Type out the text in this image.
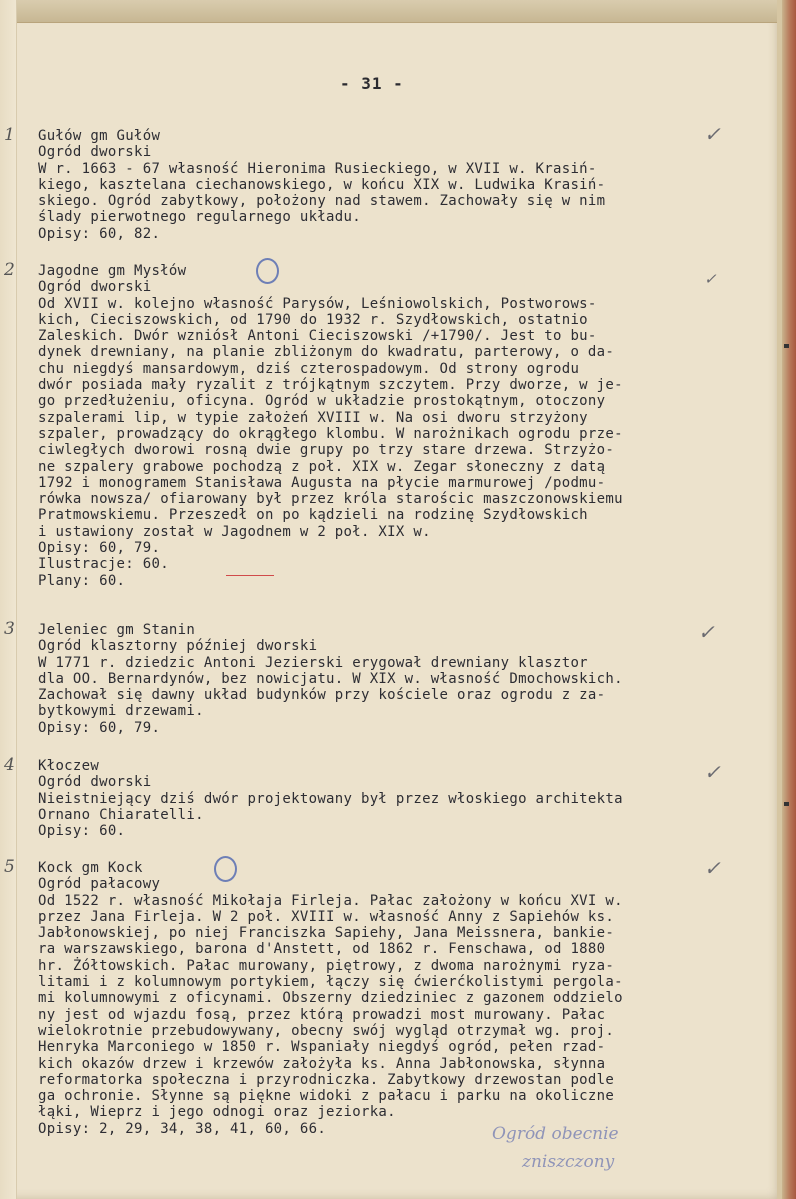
- 31 -
1 Gułów gm Gułów
Ogród dworski
W r. 1663 - 67 własność Hieronima Rusieckiego, w XVII w. Krasiń-
kiego, kasztelana ciechanowskiego, w końcu XIX w. Ludwika Krasiń-
skiego. Ogród zabytkowy, położony nad stawem. Zachowały się w nim
ślady pierwotnego regularnego układu.
Opisy: 60, 82.
2 Jagodne gm Mysłów
Ogród dworski
Od XVII w. kolejno własność Parysów, Leśniowolskich, Postworows-
kich, Cieciszowskich, od 1790 do 1932 r. Szydłowskich, ostatnio
Zaleskich. Dwór wzniósł Antoni Cieciszowski /+1790/. Jest to bu-
dynek drewniany, na planie zbliżonym do kwadratu, parterowy, o da-
chu niegdyś mansardowym, dziś czterospadowym. Od strony ogrodu
dwór posiada mały ryzalit z trójkątnym szczytem. Przy dworze, w je-
go przedłużeniu, oficyna. Ogród w układzie prostokątnym, otoczony
szpalerami lip, w typie założeń XVIII w. Na osi dworu strzyżony
szpaler, prowadzący do okrągłego klombu. W narożnikach ogrodu prze-
ciwległych dworowi rosną dwie grupy po trzy stare drzewa. Strzyżo-
ne szpalery grabowe pochodzą z poł. XIX w. Zegar słoneczny z datą
1792 i monogramem Stanisława Augusta na płycie marmurowej /podmu-
rówka nowsza/ ofiarowany był przez króla starościc maszczonowskiemu
Pratmowskiemu. Przeszedł on po kądzieli na rodzinę Szydłowskich
i ustawiony został w Jagodnem w 2 poł. XIX w.
Opisy: 60, 79.
Ilustracje: 60.
Plany: 60.
3 Jeleniec gm Stanin
Ogród klasztorny później dworski
W 1771 r. dziedzic Antoni Jezierski erygował drewniany klasztor
dla OO. Bernardynów, bez nowicjatu. W XIX w. własność Dmochowskich.
Zachował się dawny układ budynków przy kościele oraz ogrodu z za-
bytkowymi drzewami.
Opisy: 60, 79.
4 Kłoczew
Ogród dworski
Nieistniejący dziś dwór projektowany był przez włoskiego architekta
Ornano Chiaratelli.
Opisy: 60.
5 Kock gm Kock
Ogród pałacowy
Od 1522 r. własność Mikołaja Firleja. Pałac założony w końcu XVI w.
przez Jana Firleja. W 2 poł. XVIII w. własność Anny z Sapiehów ks.
Jabłonowskiej, po niej Franciszka Sapiehy, Jana Meissnera, bankie-
ra warszawskiego, barona d'Anstett, od 1862 r. Fenschawa, od 1880
hr. Żółtowskich. Pałac murowany, piętrowy, z dwoma narożnymi ryza-
litami i z kolumnowym portykiem, łączy się ćwierćkolistymi pergola-
mi kolumnowymi z oficynami. Obszerny dziedziniec z gazonem oddzielo
ny jest od wjazdu fosą, przez którą prowadzi most murowany. Pałac
wielokrotnie przebudowywany, obecny swój wygląd otrzymał wg. proj.
Henryka Marconiego w 1850 r. Wspaniały niegdyś ogród, pełen rzad-
kich okazów drzew i krzewów założyła ks. Anna Jabłonowska, słynna
reformatorka społeczna i przyrodniczka. Zabytkowy drzewostan podle
ga ochronie. Słynne są piękne widoki z pałacu i parku na okoliczne
łąki, Wieprz i jego odnogi oraz jeziorka.
Opisy: 2, 29, 34, 38, 41, 60, 66.
✓
✓
✓
✓
✓
Ogród obecnie
zniszczony
